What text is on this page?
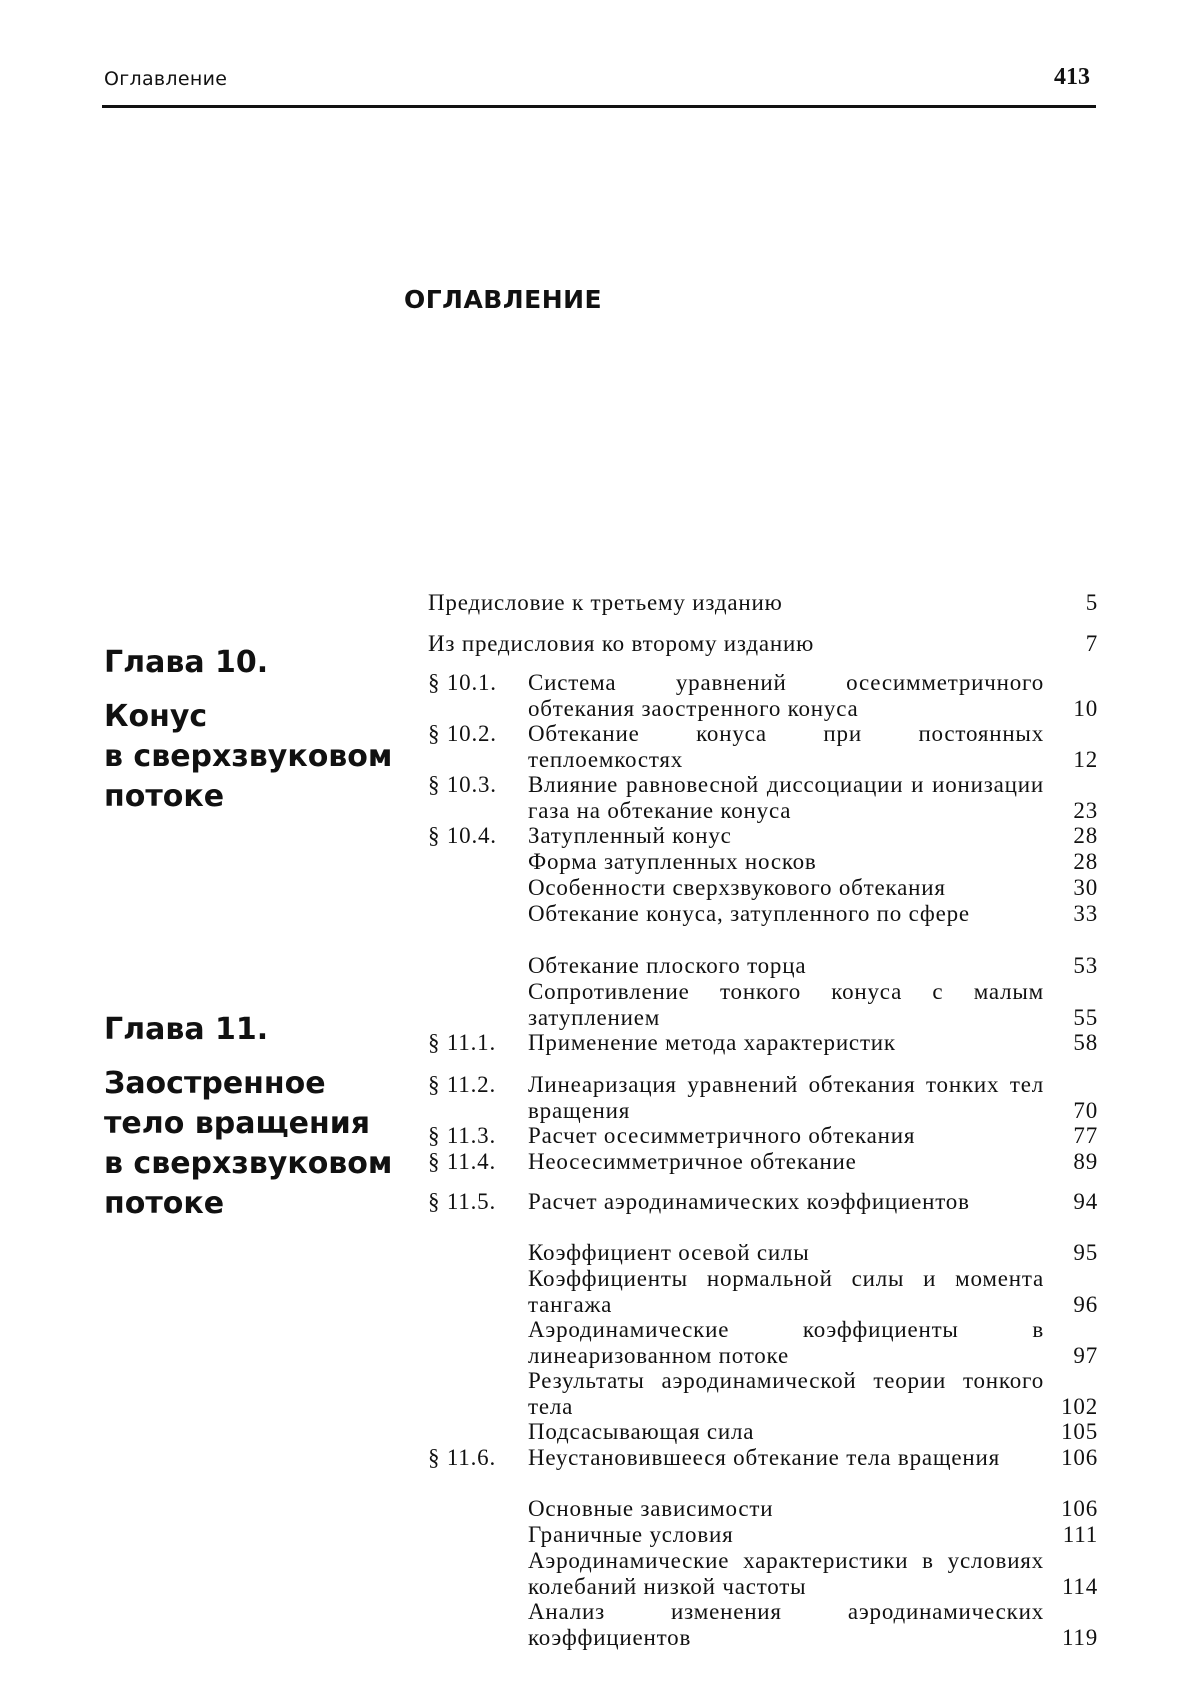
Оглавление	413
ОГЛАВЛЕНИЕ
Глава 10.
Конус
в сверхзвуковом
потоке
Глава 11.
Заостренное
тело вращения
в сверхзвуковом
потоке
Предисловие к третьему изданию	5
Из предисловия ко второму изданию	7
§ 10.1. Система уравнений осесимметричного обтекания заостренного конуса	10
§ 10.2. Обтекание конуса при постоянных теплоемкостях	12
§ 10.3. Влияние равновесной диссоциации и ионизации газа на обтекание конуса	23
§ 10.4. Затупленный конус	28
Форма затупленных носков	28
Особенности сверхзвукового обтекания	30
Обтекание конуса, затупленного по сфере	33
Обтекание плоского торца	53
Сопротивление тонкого конуса с малым затуплением	55
§ 11.1. Применение метода характеристик	58
§ 11.2. Линеаризация уравнений обтекания тонких тел вращения	70
§ 11.3. Расчет осесимметричного обтекания	77
§ 11.4. Неосесимметричное обтекание	89
§ 11.5. Расчет аэродинамических коэффициентов	94
Коэффициент осевой силы	95
Коэффициенты нормальной силы и момента тангажа	96
Аэродинамические коэффициенты в линеаризованном потоке	97
Результаты аэродинамической теории тонкого тела	102
Подсасывающая сила	105
§ 11.6. Неустановившееся обтекание тела вращения	106
Основные зависимости	106
Граничные условия	111
Аэродинамические характеристики в условиях колебаний низкой частоты	114
Анализ изменения аэродинамических коэффициентов	119
